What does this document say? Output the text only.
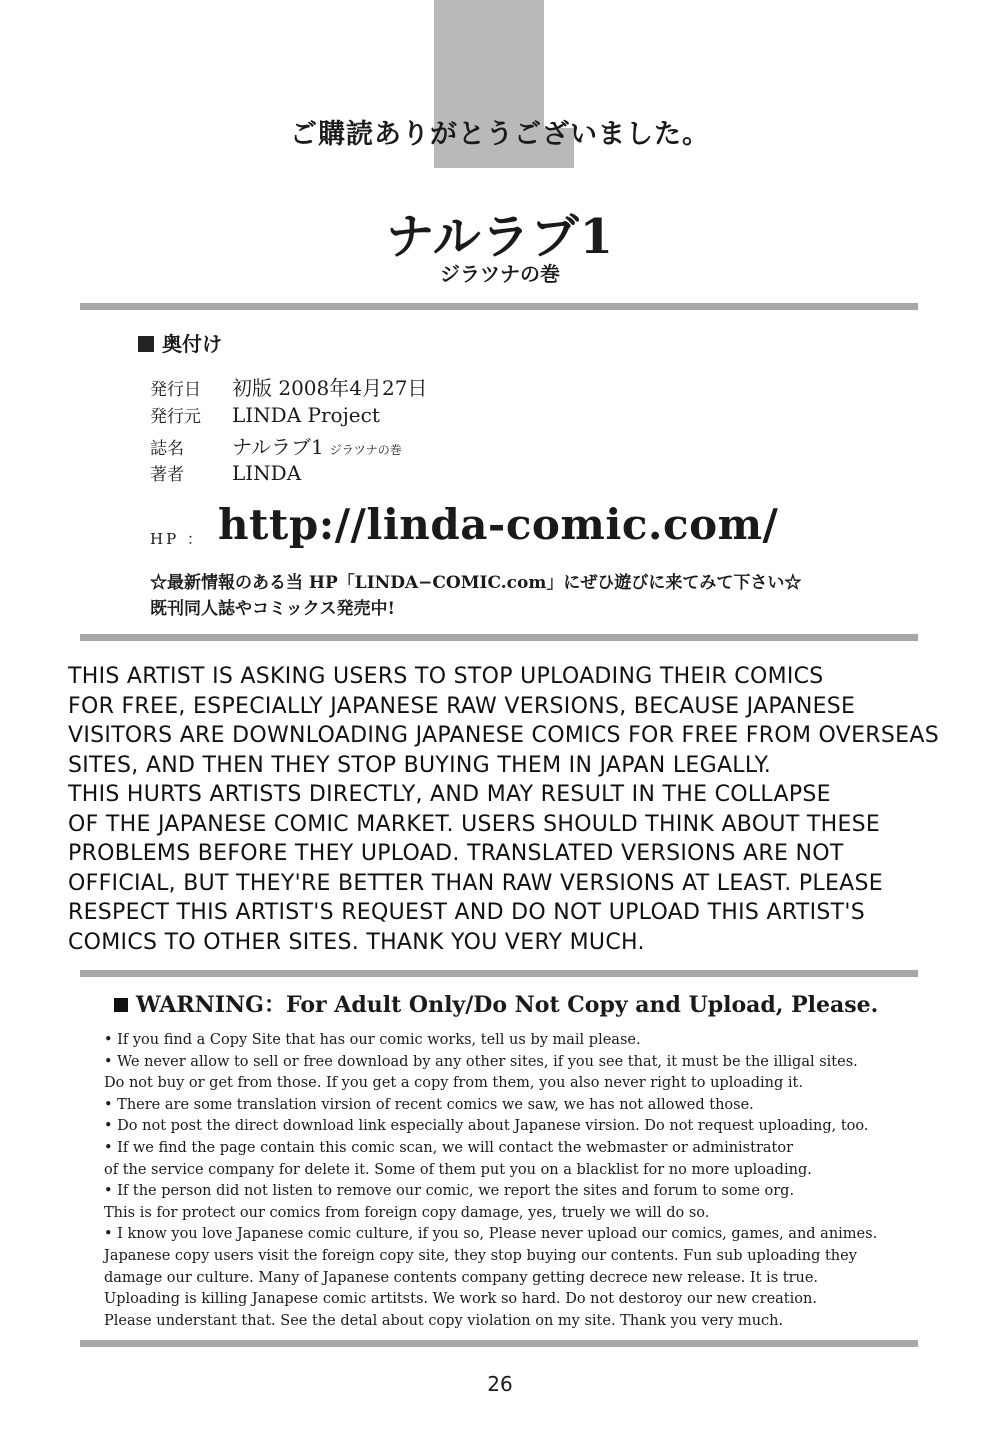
ご購読ありがとうございました。
ナルラブ1
ジラツナの巻
奥付け
発行日 初版 2008年4月27日
発行元 LINDA Project
誌名 ナルラブ1 ジラツナの巻
著者 LINDA
HP ： http://linda-comic.com/
☆最新情報のある当 HP「LINDA−COMIC.com」にぜひ遊びに来てみて下さい☆
既刊同人誌やコミックス発売中!
THIS ARTIST IS ASKING USERS TO STOP UPLOADING THEIR COMICS
FOR FREE, ESPECIALLY JAPANESE RAW VERSIONS, BECAUSE JAPANESE
VISITORS ARE DOWNLOADING JAPANESE COMICS FOR FREE FROM OVERSEAS
SITES, AND THEN THEY STOP BUYING THEM IN JAPAN LEGALLY.
THIS HURTS ARTISTS DIRECTLY, AND MAY RESULT IN THE COLLAPSE
OF THE JAPANESE COMIC MARKET. USERS SHOULD THINK ABOUT THESE
PROBLEMS BEFORE THEY UPLOAD. TRANSLATED VERSIONS ARE NOT
OFFICIAL, BUT THEY'RE BETTER THAN RAW VERSIONS AT LEAST. PLEASE
RESPECT THIS ARTIST'S REQUEST AND DO NOT UPLOAD THIS ARTIST'S
COMICS TO OTHER SITES. THANK YOU VERY MUCH.
WARNING：For Adult Only/Do Not Copy and Upload, Please.
• If you find a Copy Site that has our comic works, tell us by mail please.
• We never allow to sell or free download by any other sites, if you see that, it must be the illigal sites.
Do not buy or get from those. If you get a copy from them, you also never right to uploading it.
• There are some translation virsion of recent comics we saw, we has not allowed those.
• Do not post the direct download link especially about Japanese virsion. Do not request uploading, too.
• If we find the page contain this comic scan, we will contact the webmaster or administrator
of the service company for delete it. Some of them put you on a blacklist for no more uploading.
• If the person did not listen to remove our comic, we report the sites and forum to some org.
This is for protect our comics from foreign copy damage, yes, truely we will do so.
• I know you love Japanese comic culture, if you so, Please never upload our comics, games, and animes.
Japanese copy users visit the foreign copy site, they stop buying our contents. Fun sub uploading they
damage our culture. Many of Japanese contents company getting decrece new release. It is true.
Uploading is killing Janapese comic artitsts. We work so hard. Do not destoroy our new creation.
Please understant that. See the detal about copy violation on my site. Thank you very much.
26
